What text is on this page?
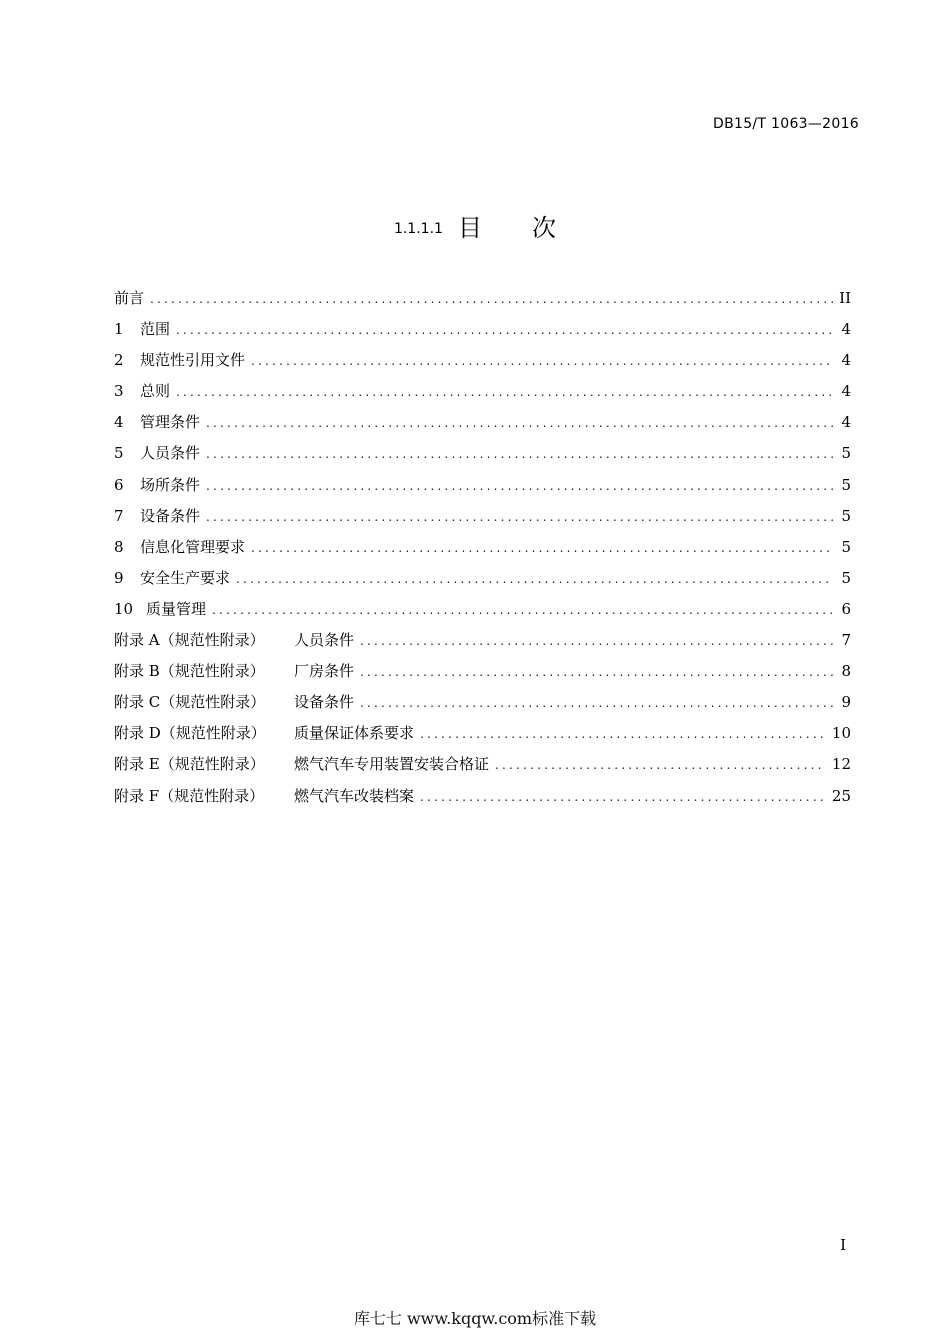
DB15/T 1063—2016
1.1.1.1 目 次
前言 .....	II
1	范围 .....	4
2	规范性引用文件 .....	4
3	总则 .....	4
4	管理条件 .....	4
5	人员条件 .....	5
6	场所条件 .....	5
7	设备条件 .....	5
8	信息化管理要求 .....	5
9	安全生产要求 .....	5
10 质量管理 .....	6
附录 A（规范性附录）	人员条件 .....	7
附录 B（规范性附录）	厂房条件 .....	8
附录 C（规范性附录）	设备条件 .....	9
附录 D（规范性附录）	质量保证体系要求 .....	10
附录 E（规范性附录）	燃气汽车专用装置安装合格证 .....	12
附录 F（规范性附录）	燃气汽车改装档案 .....	25
I
库七七 www.kqqw.com标准下载
